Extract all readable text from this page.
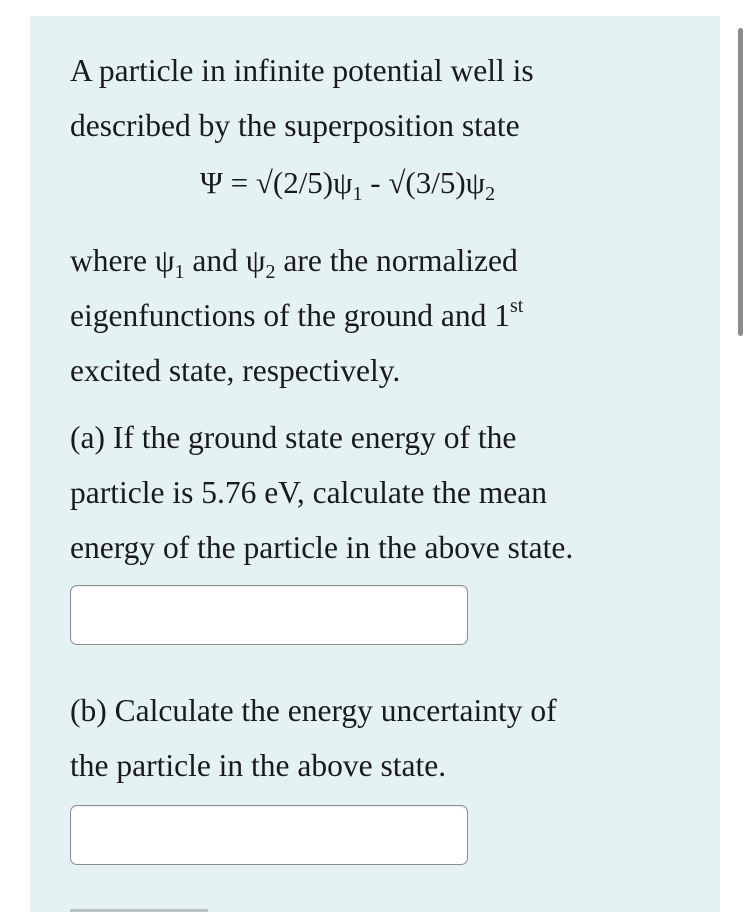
A particle in infinite potential well is
described by the superposition state
$\Psi = √(2/5)\psi_1 - √(3/5)\psi_2$
where $\psi_1$ and $\psi_2$ are the normalized
eigenfunctions of the ground and 1st
excited state, respectively.
(a) If the ground state energy of the
particle is 5.76 eV, calculate the mean
energy of the particle in the above state.
(b) Calculate the energy uncertainty of
the particle in the above state.
